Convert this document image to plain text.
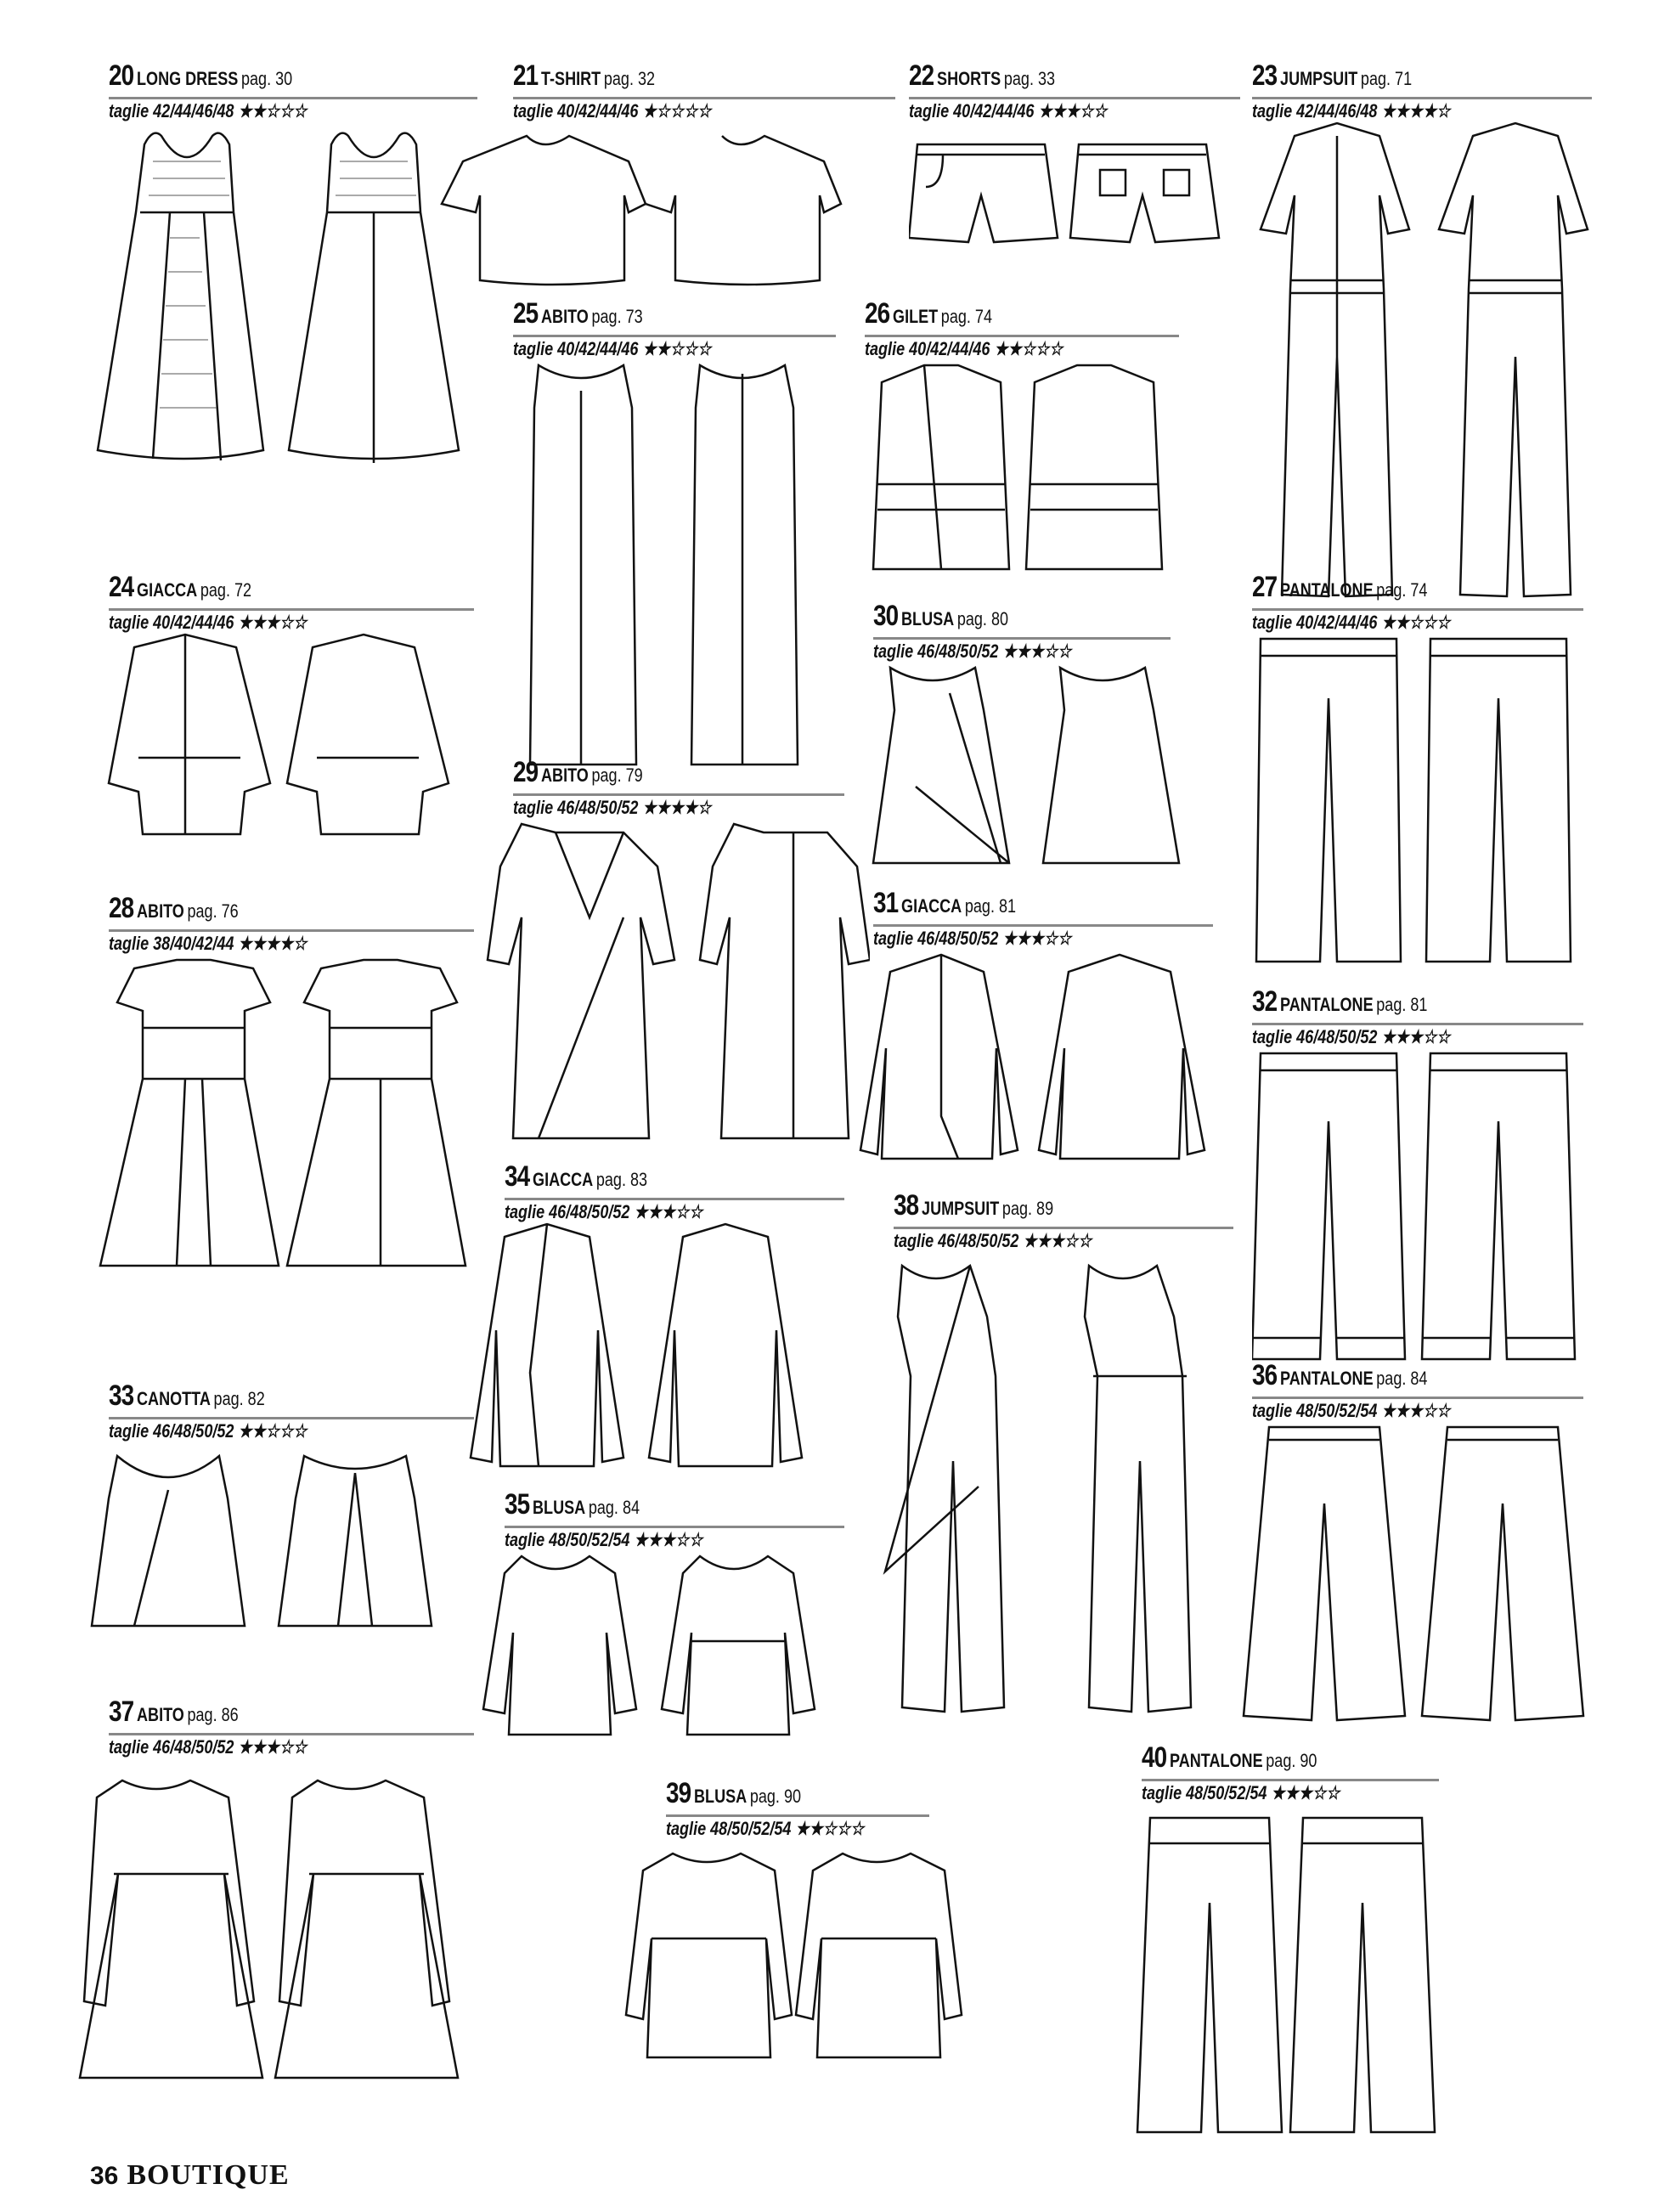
20 LONG DRESS pag. 30
taglie 42/44/46/48 ★★☆☆☆
21 T-SHIRT pag. 32
taglie 40/42/44/46 ★☆☆☆☆
22 SHORTS pag. 33
taglie 40/42/44/46 ★★★☆☆
23 JUMPSUIT pag. 71
taglie 42/44/46/48 ★★★★☆
25 ABITO pag. 73
taglie 40/42/44/46 ★★☆☆☆
26 GILET pag. 74
taglie 40/42/44/46 ★★☆☆☆
24 GIACCA pag. 72
taglie 40/42/44/46 ★★★☆☆	30 BLUSA pag. 80
taglie 46/48/50/52 ★★★☆☆
27 PANTALONE pag. 74
taglie 40/42/44/46 ★★☆☆☆
29 ABITO pag. 79
taglie 46/48/50/52 ★★★★☆
28 ABITO pag. 76
taglie 38/40/42/44 ★★★★☆
31 GIACCA pag. 81
taglie 46/48/50/52 ★★★☆☆
32 PANTALONE pag. 81
taglie 46/48/50/52 ★★★☆☆
34 GIACCA pag. 83
taglie 46/48/50/52 ★★★☆☆	38 JUMPSUIT pag. 89
taglie 46/48/50/52 ★★★☆☆
33 CANOTTA pag. 82
taglie 46/48/50/52 ★★☆☆☆
36 PANTALONE pag. 84
taglie 48/50/52/54 ★★★☆☆
35 BLUSA pag. 84
taglie 48/50/52/54 ★★★☆☆
37 ABITO pag. 86
taglie 46/48/50/52 ★★★☆☆
39 BLUSA pag. 90
taglie 48/50/52/54 ★★☆☆☆
40 PANTALONE pag. 90
taglie 48/50/52/54 ★★★☆☆
36 BOUTIQUE
